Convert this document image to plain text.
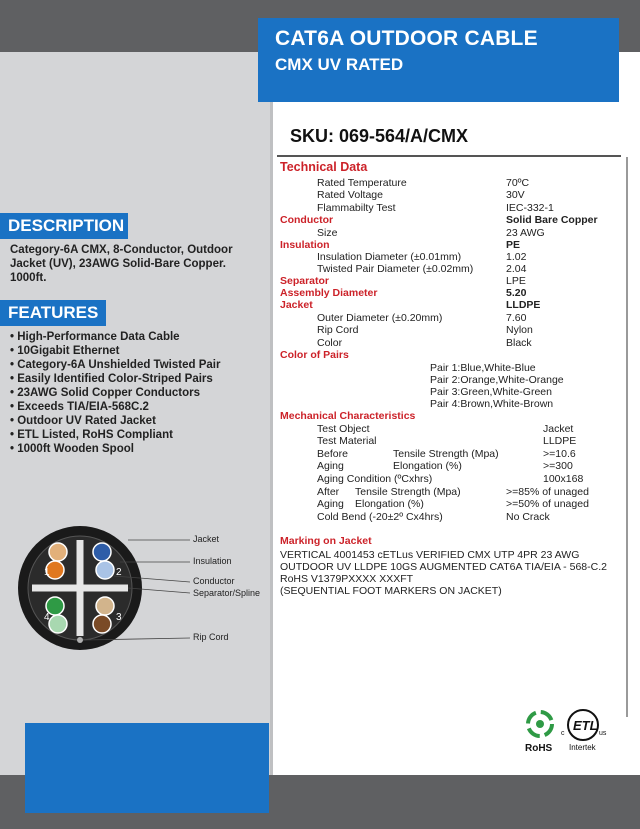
CAT6A OUTDOOR CABLE
CMX UV RATED
SKU: 069-564/A/CMX
DESCRIPTION
Category-6A CMX, 8-Conductor, Outdoor Jacket (UV), 23AWG Solid-Bare Copper. 1000ft.
FEATURES
• High-Performance Data Cable
• 10Gigabit Ethernet
• Category-6A Unshielded Twisted Pair
• Easily Identified Color-Striped Pairs
• 23AWG Solid Copper Conductors
• Exceeds TIA/EIA-568C.2
• Outdoor UV Rated Jacket
• ETL Listed, RoHS Compliant
• 1000ft Wooden Spool
1	2
3
4
Jacket
Insulation
Conductor
Separator/Spline
Rip Cord
Technical Data
Rated Temperature	70ºC
Rated Voltage	30V
Flammabilty Test	IEC-332-1
Conductor	Solid Bare Copper
Size	23 AWG
Insulation	PE
Insulation Diameter (±0.01mm)	1.02
Twisted Pair Diameter (±0.02mm)	2.04
Separator	LPE
Assembly Diameter	5.20
Jacket	LLDPE
Outer Diameter (±0.20mm)	7.60
Rip Cord	Nylon
Color	Black
Color of Pairs
Pair 1:Blue,White-Blue
Pair 2:Orange,White-Orange
Pair 3:Green,White-Green
Pair 4:Brown,White-Brown
Mechanical Characteristics
Test Object	Jacket
Test Material	LLDPE
Before	Tensile Strength (Mpa)	>=10.6
Aging	Elongation (%)	>=300
Aging Condition (ºCxhrs)	100x168
After Tensile Strength (Mpa)	>=85% of unaged
Aging Elongation (%)	>=50% of unaged
Cold Bend (-20±2º Cx4hrs)	No Crack
Marking on Jacket
VERTICAL 4001453 cETLus VERIFIED CMX UTP 4PR 23 AWG
OUTDOOR UV LLDPE 10GS AUGMENTED CAT6A TIA/EIA - 568-C.2
RoHS V1379PXXXX XXXFT
(SEQUENTIAL FOOT MARKERS ON JACKET)
RoHS
ETL
c	us
Intertek
